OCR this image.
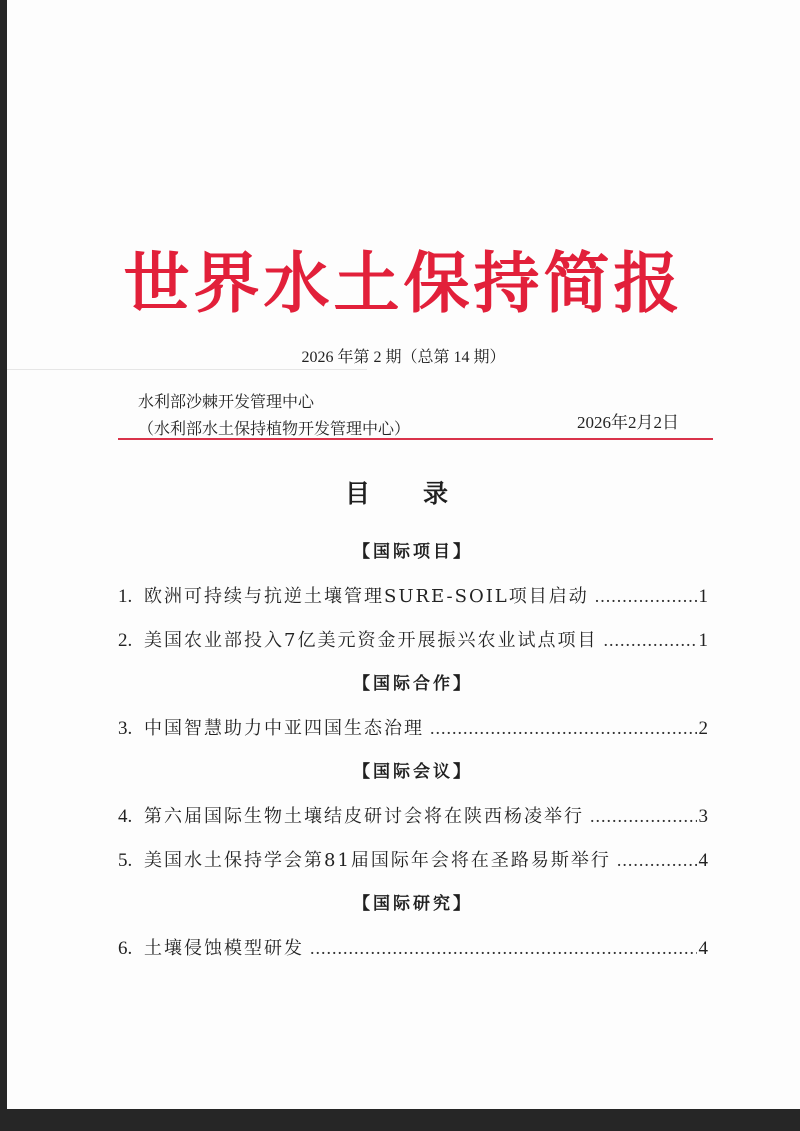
世界水土保持简报
2026 年第 2 期（总第 14 期）
水利部沙棘开发管理中心
（水利部水土保持植物开发管理中心）	2026年2月2日
目　录
【国际项目】
1. 欧洲可持续与抗逆土壤管理SURE-SOIL项目启动 .....	1
2. 美国农业部投入7亿美元资金开展振兴农业试点项目 .....	1
【国际合作】
3. 中国智慧助力中亚四国生态治理 .....	2
【国际会议】
4. 第六届国际生物土壤结皮研讨会将在陕西杨凌举行 .....	3
5. 美国水土保持学会第81届国际年会将在圣路易斯举行 .....	4
【国际研究】
6. 土壤侵蚀模型研发 .....	4
